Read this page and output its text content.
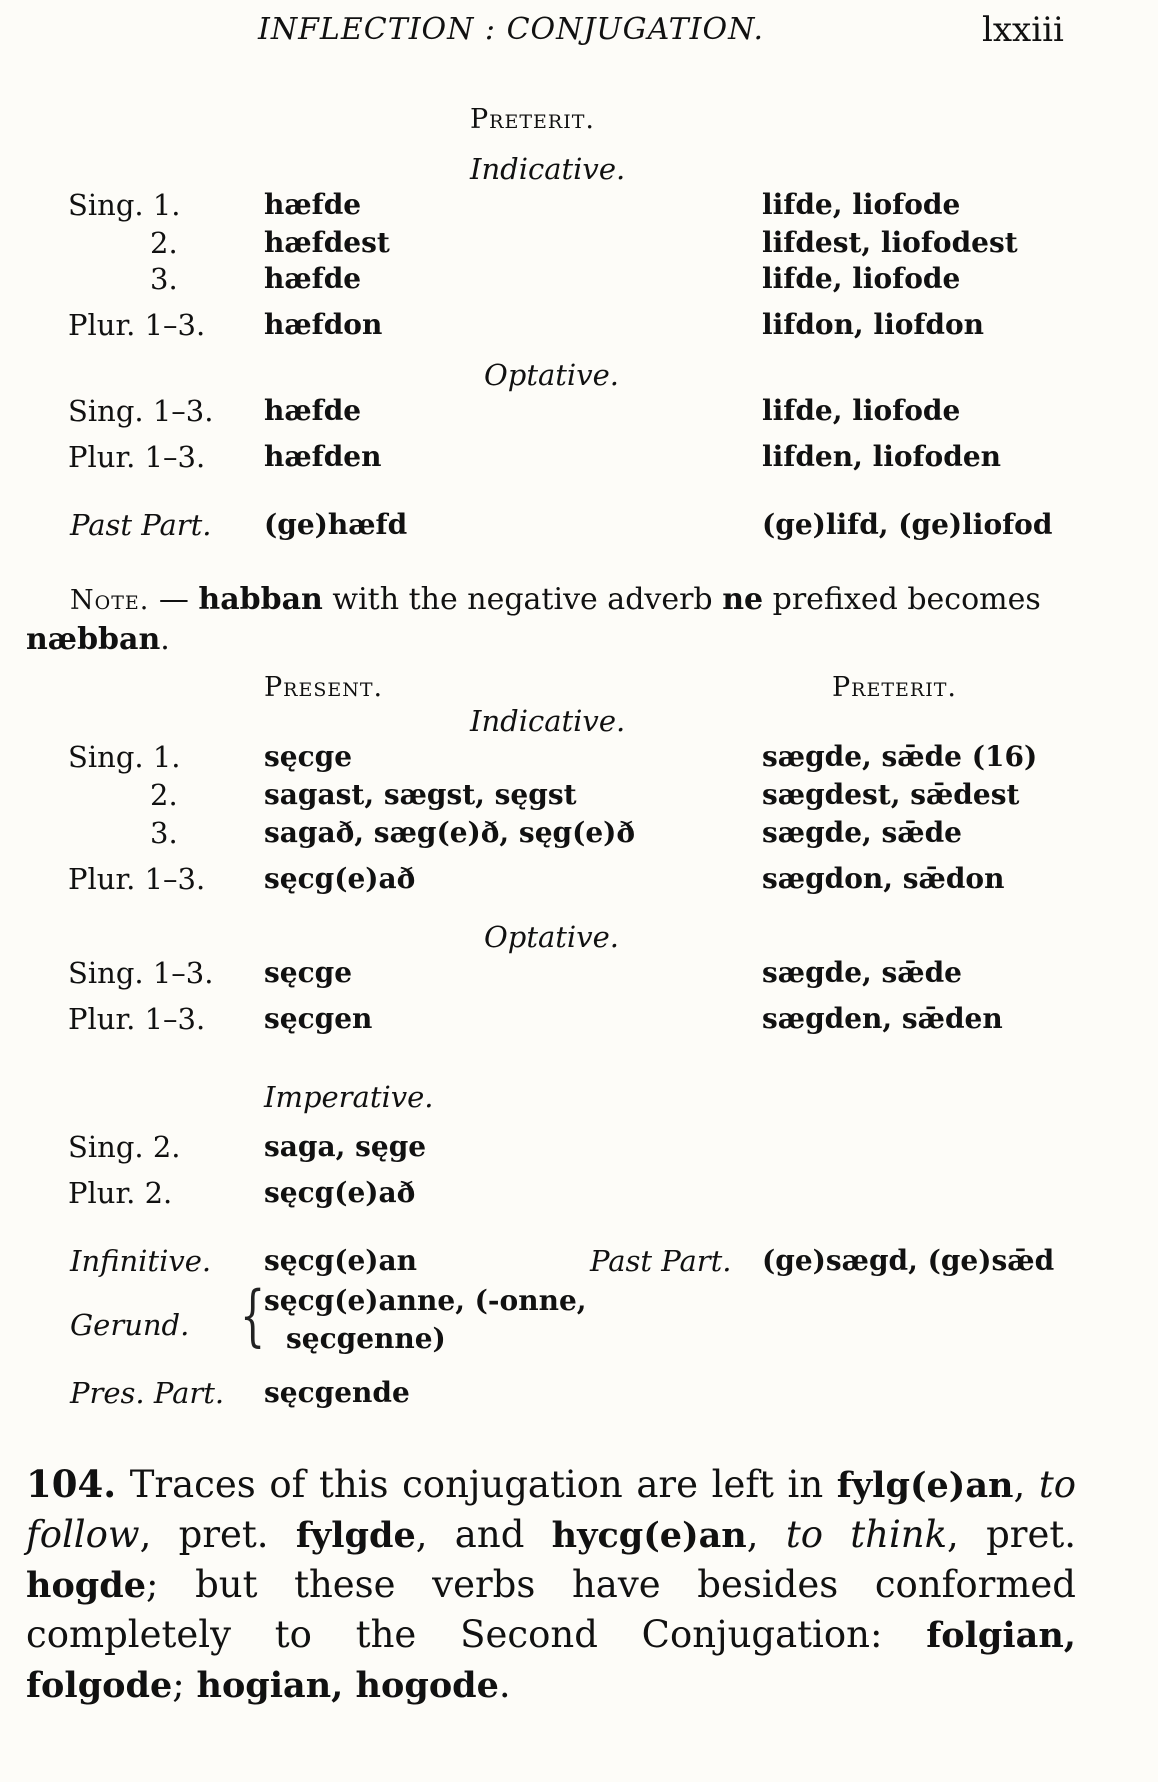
INFLECTION : CONJUGATION.	lxxiii
Preterit.
Indicative.
Sing. 1.	hæfde	lifde, liofode
2.	hæfdest	lifdest, liofodest
3.	hæfde	lifde, liofode
Plur. 1–3. hæfdon	lifdon, liofdon
Optative.
Sing. 1–3. hæfde	lifde, liofode
Plur. 1–3. hæfden	lifden, liofoden
Past Part. (ge)hæfd	(ge)lifd, (ge)liofod
Note. — habban with the negative adverb ne prefixed becomes
næbban.
Present.	Preterit.
Indicative.
Sing. 1.	sęcge	sægde, sǣde (16)
2.	sagast, sægst, sęgst	sægdest, sǣdest
3.	sagað, sæg(e)ð, sęg(e)ð	sægde, sǣde
Plur. 1–3. sęcg(e)að	sægdon, sǣdon
Optative.
Sing. 1–3. sęcge	sægde, sǣde
Plur. 1–3. sęcgen	sægden, sǣden
Imperative.
Sing. 2.	saga, sęge
Plur. 2.	sęcg(e)að
Infinitive. sęcg(e)an	Past Part. (ge)sægd, (ge)sǣd
Gerund. {
sęcg(e)anne, (-onne,
sęcgenne)
Pres. Part. sęcgende
104. Traces of this conjugation are left in fylg(e)an, to follow, pret. fylgde, and hycg(e)an, to think, pret. hogde; but these verbs have besides conformed completely to the Second Conjugation: folgian, folgode; hogian, hogode.
